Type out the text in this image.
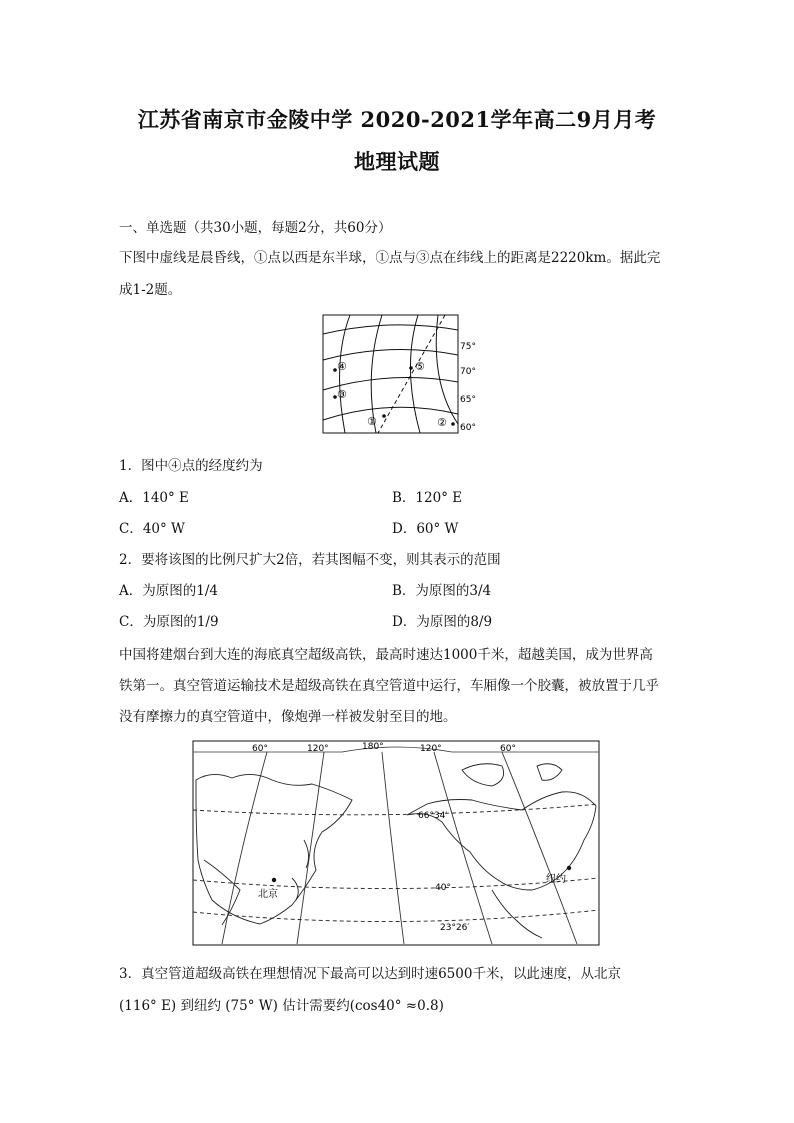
江苏省南京市金陵中学 2020-2021学年高二9月月考
地理试题
一、单选题（共30小题，每题2分，共60分）
下图中虚线是晨昏线，①点以西是东半球，①点与③点在纬线上的距离是2220km。据此完
成1-2题。
75°
70°
65°
60°
④	⑤
③
①	②
1．图中④点的经度约为
A．140° E	B．120° E
C．40° W	D．60° W
2．要将该图的比例尺扩大2倍，若其图幅不变，则其表示的范围
A．为原图的1/4	B．为原图的3/4
C．为原图的1/9	D．为原图的8/9
中国将建烟台到大连的海底真空超级高铁，最高时速达1000千米，超越美国，成为世界高
铁第一。真空管道运输技术是超级高铁在真空管道中运行，车厢像一个胶囊，被放置于几乎
没有摩擦力的真空管道中，像炮弹一样被发射至目的地。
60°	120°	180°	120°	60°
66°34′
40°
23°26′
北京
纽约
3．真空管道超级高铁在理想情况下最高可以达到时速6500千米，以此速度，从北京
(116° E) 到纽约 (75° W) 估计需要约(cos40° ≈0.8)
